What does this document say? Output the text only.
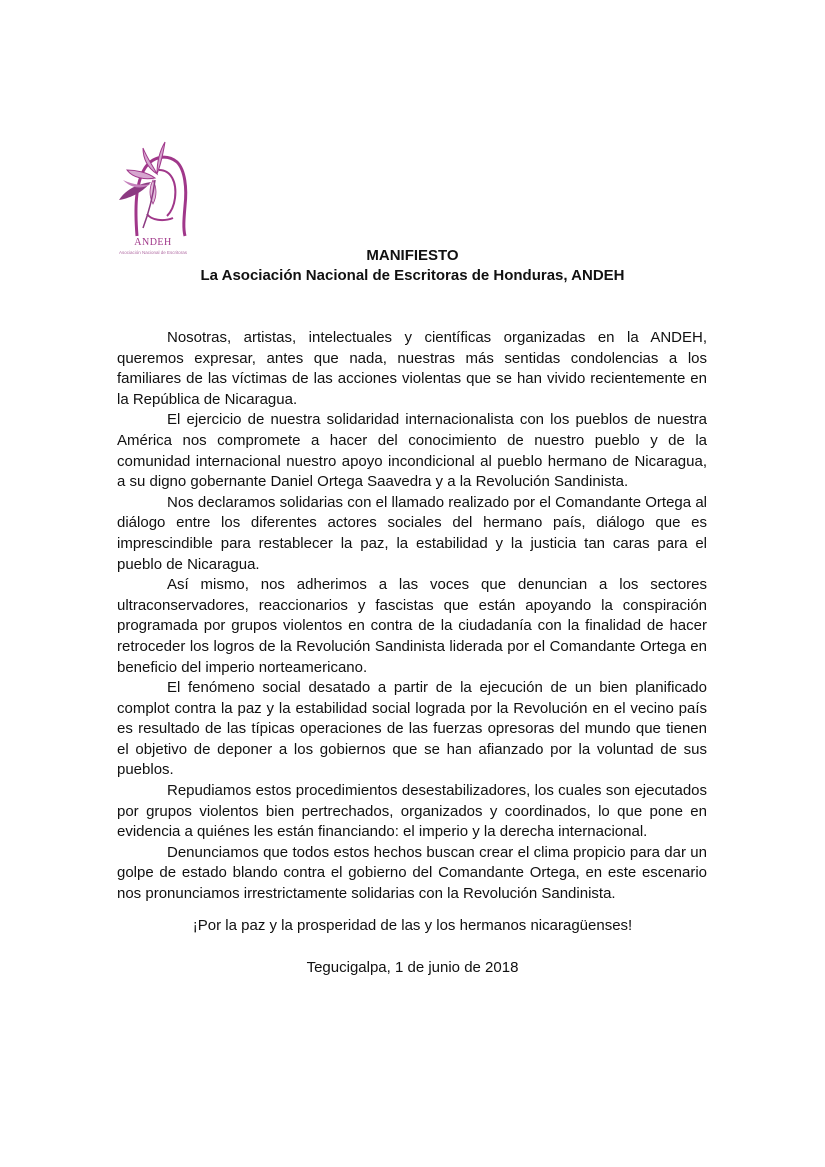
ANDEH
Asociación Nacional de Escritoras	MANIFIESTO
La Asociación Nacional de Escritoras de Honduras, ANDEH

Nosotras, artistas, intelectuales y científicas organizadas en la ANDEH, queremos expresar, antes que nada, nuestras más sentidas condolencias a los familiares de las víctimas de las acciones violentas que se han vivido recientemente en la República de Nicaragua.

El ejercicio de nuestra solidaridad internacionalista con los pueblos de nuestra América nos compromete a hacer del conocimiento de nuestro pueblo y de la comunidad internacional nuestro apoyo incondicional al pueblo hermano de Nicaragua, a su digno gobernante Daniel Ortega Saavedra y a la Revolución Sandinista.

Nos declaramos solidarias con el llamado realizado por el Comandante Ortega al diálogo entre los diferentes actores sociales del hermano país, diálogo que es imprescindible para restablecer la paz, la estabilidad y la justicia tan caras para el pueblo de Nicaragua.

Así mismo, nos adherimos a las voces que denuncian a los sectores ultraconservadores, reaccionarios y fascistas que están apoyando la conspiración programada por grupos violentos en contra de la ciudadanía con la finalidad de hacer retroceder los logros de la Revolución Sandinista liderada por el Comandante Ortega en beneficio del imperio norteamericano.

El fenómeno social desatado a partir de la ejecución de un bien planificado complot contra la paz y la estabilidad social lograda por la Revolución en el vecino país es resultado de las típicas operaciones de las fuerzas opresoras del mundo que tienen el objetivo de deponer a los gobiernos que se han afianzado por la voluntad de sus pueblos.

Repudiamos estos procedimientos desestabilizadores, los cuales son ejecutados por grupos violentos bien pertrechados, organizados y coordinados, lo que pone en evidencia a quiénes les están financiando: el imperio y la derecha internacional.

Denunciamos que todos estos hechos buscan crear el clima propicio para dar un golpe de estado blando contra el gobierno del Comandante Ortega, en este escenario nos pronunciamos irrestrictamente solidarias con la Revolución Sandinista.

¡Por la paz y la prosperidad de las y los hermanos nicaragüenses!
Tegucigalpa, 1 de junio de 2018
